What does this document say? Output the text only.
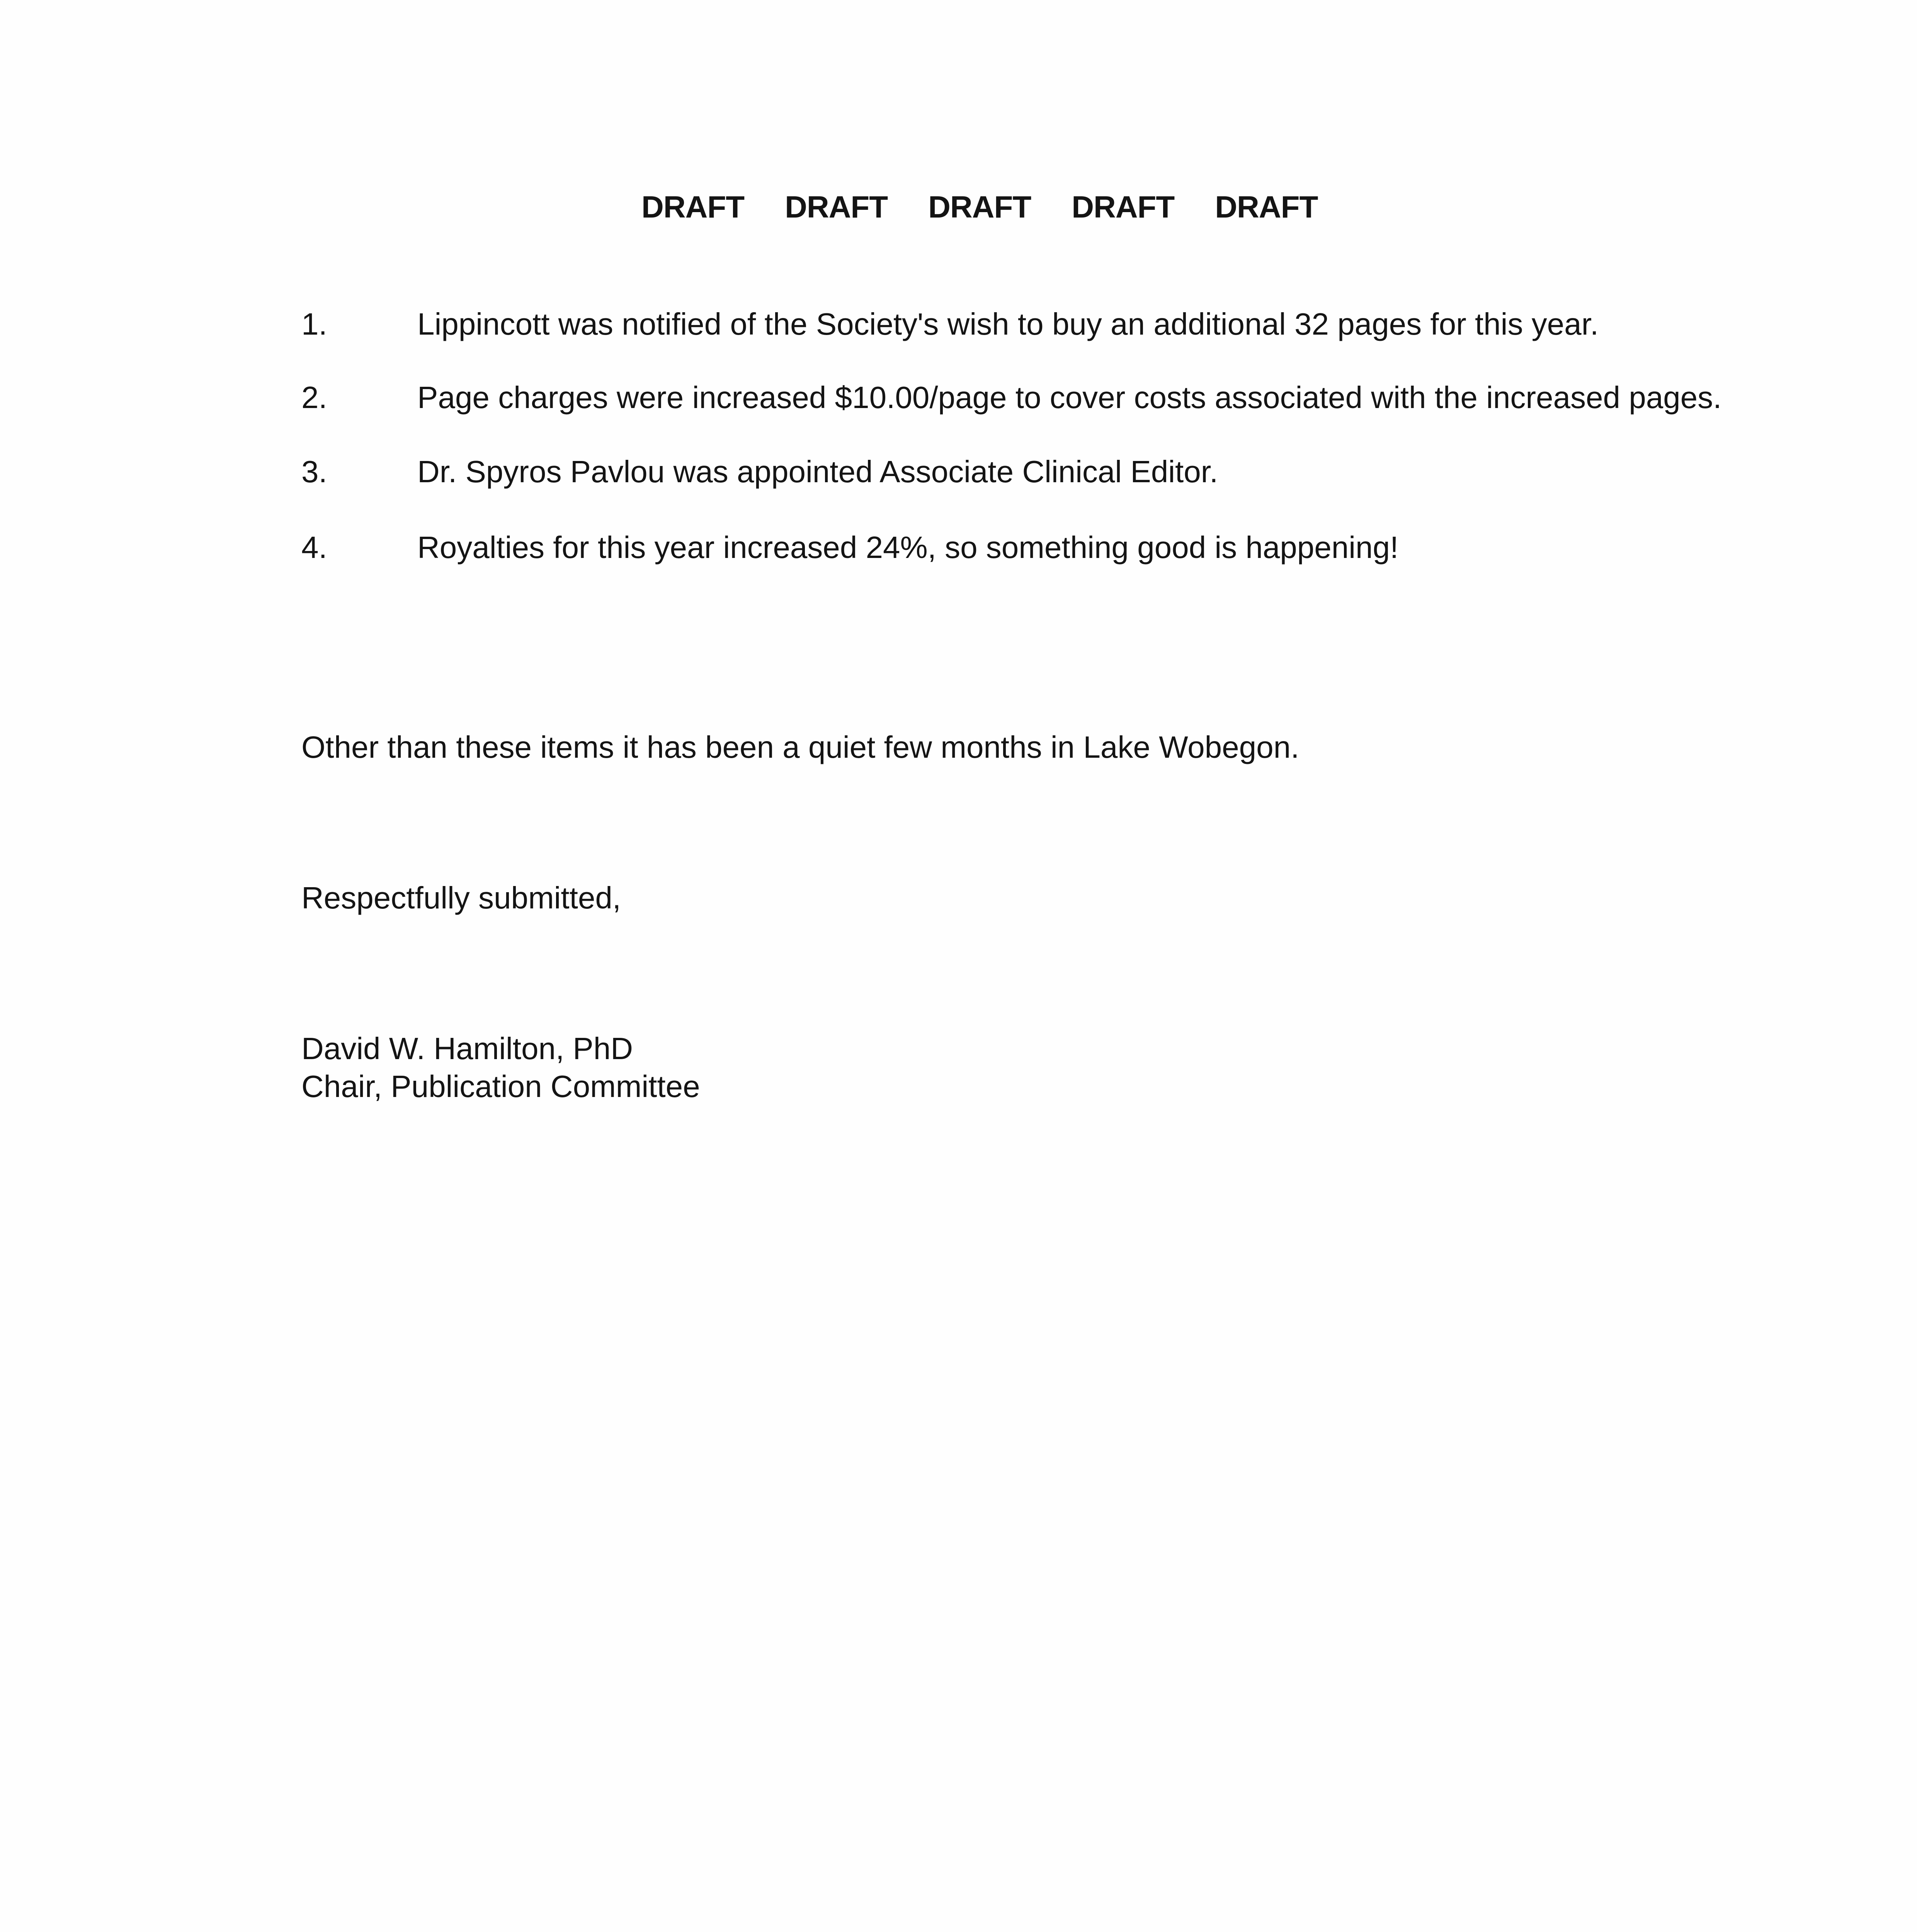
DRAFT DRAFT DRAFT DRAFT DRAFT
1.	Lippincott was notified of the Society's wish to buy an additional 32 pages for this year.
2.	Page charges were increased $10.00/page to cover costs associated with the increased pages.
3.	Dr. Spyros Pavlou was appointed Associate Clinical Editor.
4.	Royalties for this year increased 24%, so something good is happening!
Other than these items it has been a quiet few months in Lake Wobegon.
Respectfully submitted,
David W. Hamilton, PhD
Chair, Publication Committee
